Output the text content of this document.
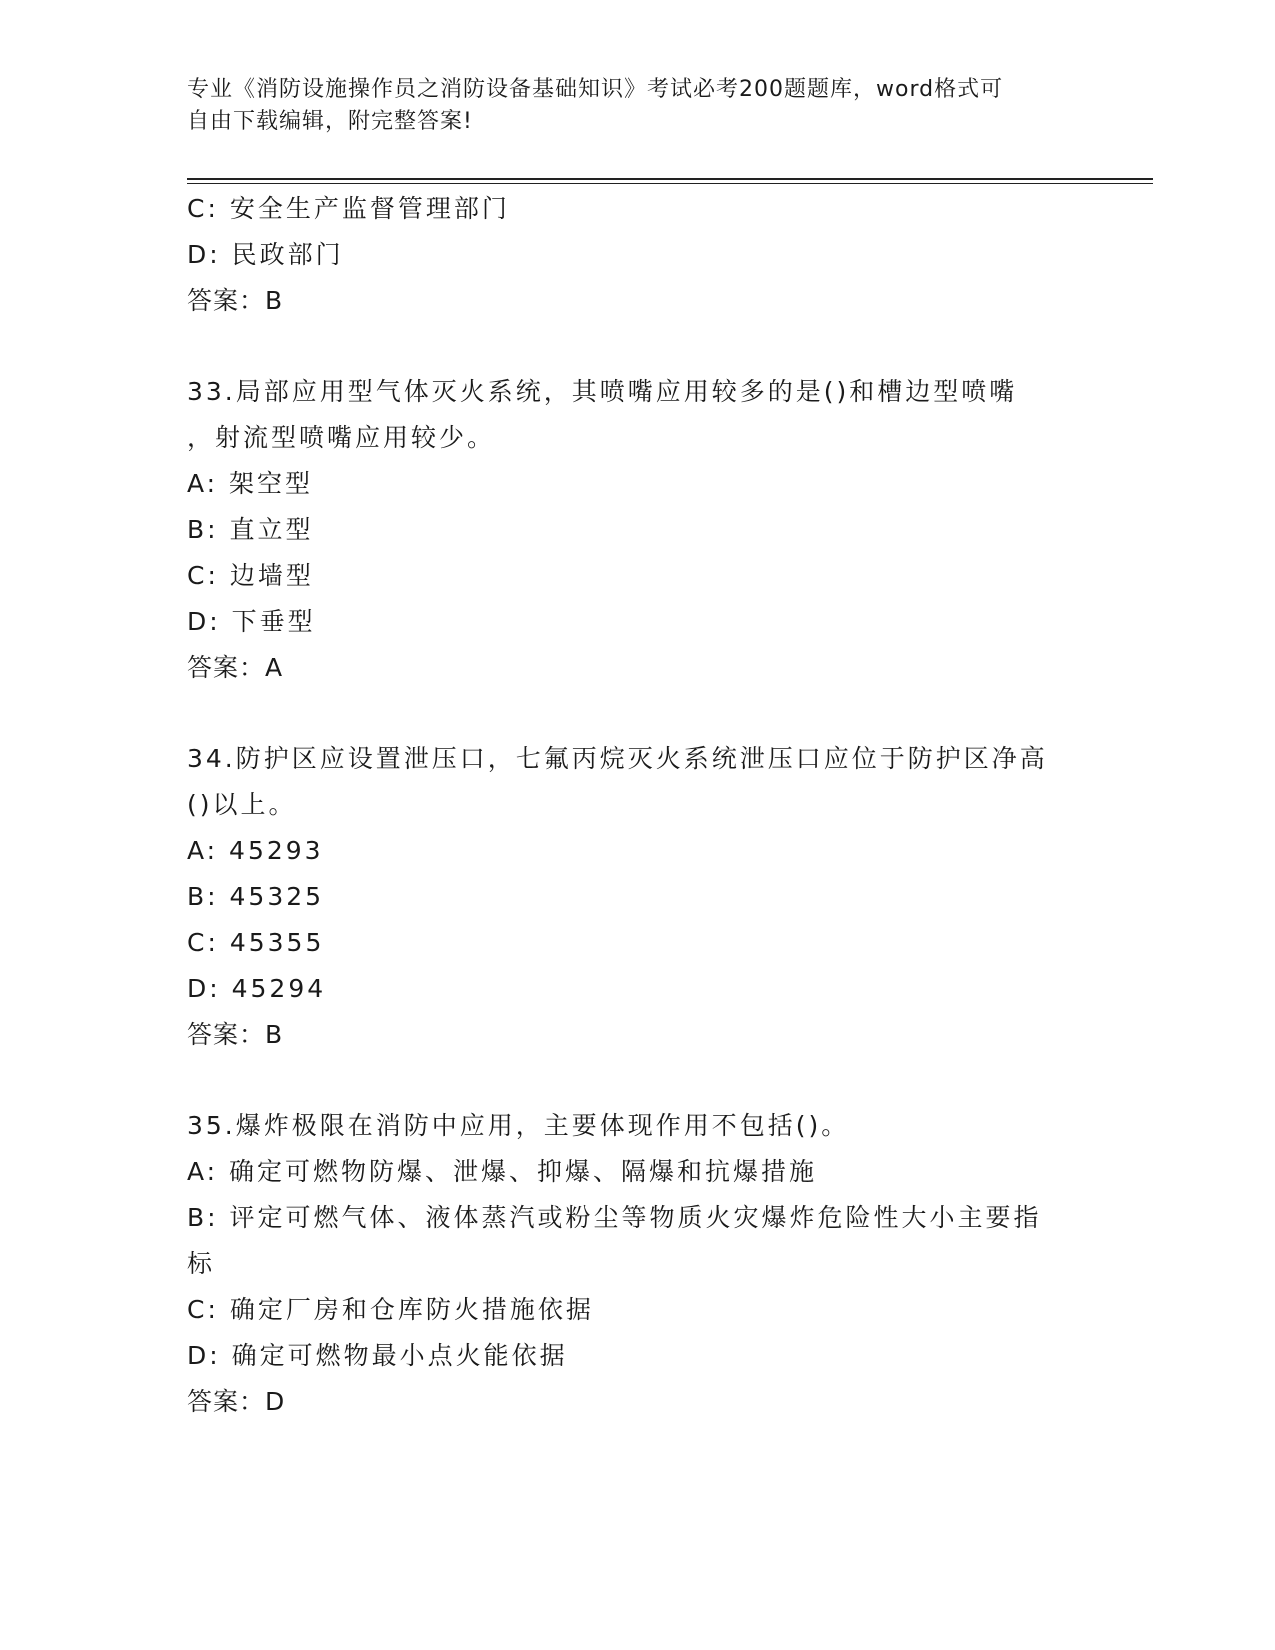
专业《消防设施操作员之消防设备基础知识》考试必考200题题库，word格式可
自由下载编辑，附完整答案!
C: 安全生产监督管理部门
D: 民政部门
答案：B
33.局部应用型气体灭火系统，其喷嘴应用较多的是()和槽边型喷嘴
，射流型喷嘴应用较少。
A: 架空型
B: 直立型
C: 边墙型
D: 下垂型
答案：A
34.防护区应设置泄压口，七氟丙烷灭火系统泄压口应位于防护区净高
()以上。
A: 45293
B: 45325
C: 45355
D: 45294
答案：B
35.爆炸极限在消防中应用，主要体现作用不包括()。
A: 确定可燃物防爆、泄爆、抑爆、隔爆和抗爆措施
B: 评定可燃气体、液体蒸汽或粉尘等物质火灾爆炸危险性大小主要指
标
C: 确定厂房和仓库防火措施依据
D: 确定可燃物最小点火能依据
答案：D
